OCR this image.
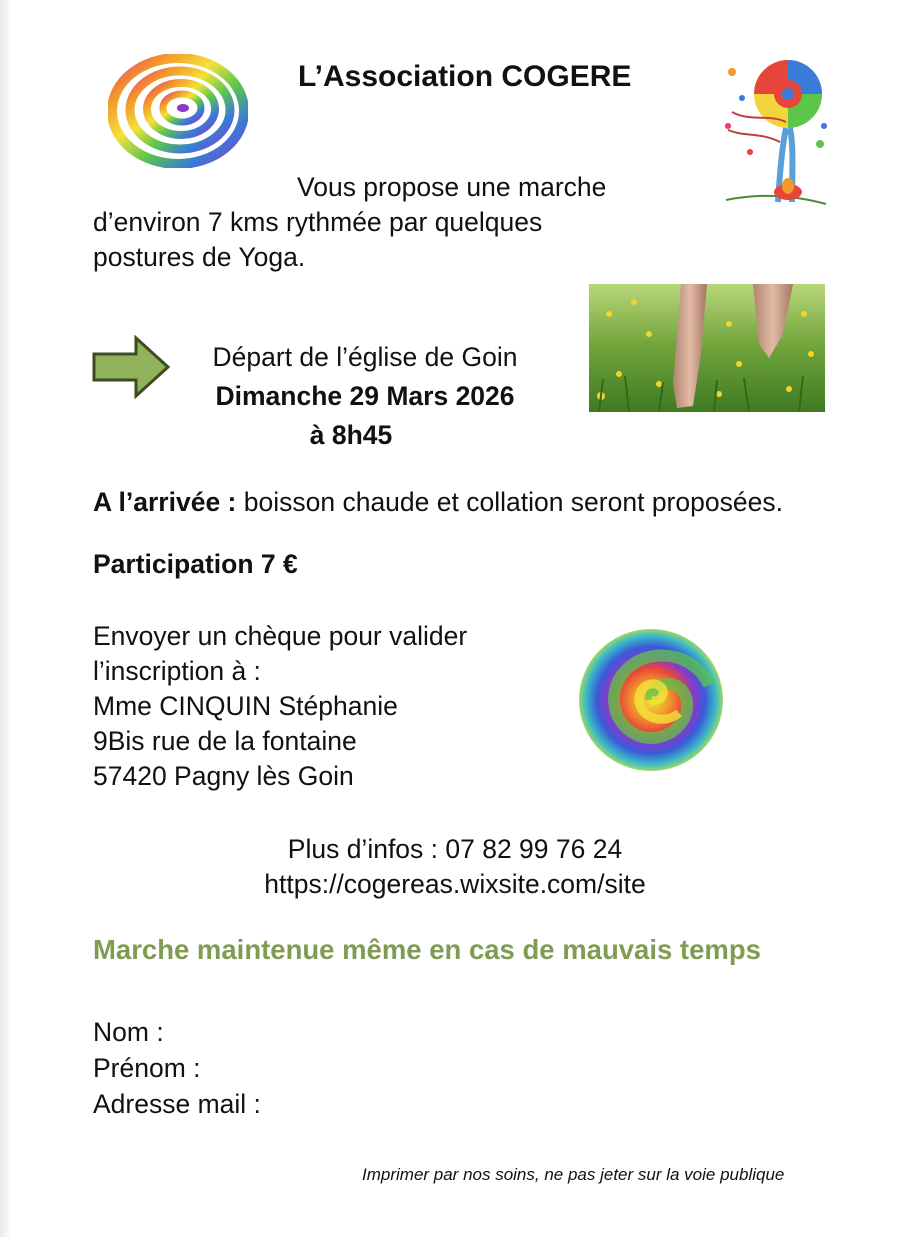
L’Association COGERE

Vous propose une marche
d’environ 7 kms rythmée par quelques
postures de Yoga.

Départ de l’église de Goin

Dimanche 29 Mars 2026
à 8h45

A l’arrivée : boisson chaude et collation seront proposées.

Participation 7 €

Envoyer un chèque pour valider
l’inscription à :
Mme CINQUIN Stéphanie
9Bis rue de la fontaine
57420 Pagny lès Goin

Plus d’infos : 07 82 99 76 24
https://cogereas.wixsite.com/site

Marche maintenue même en cas de mauvais temps

Nom :
Prénom :
Adresse mail :

Imprimer par nos soins, ne pas jeter sur la voie publique
